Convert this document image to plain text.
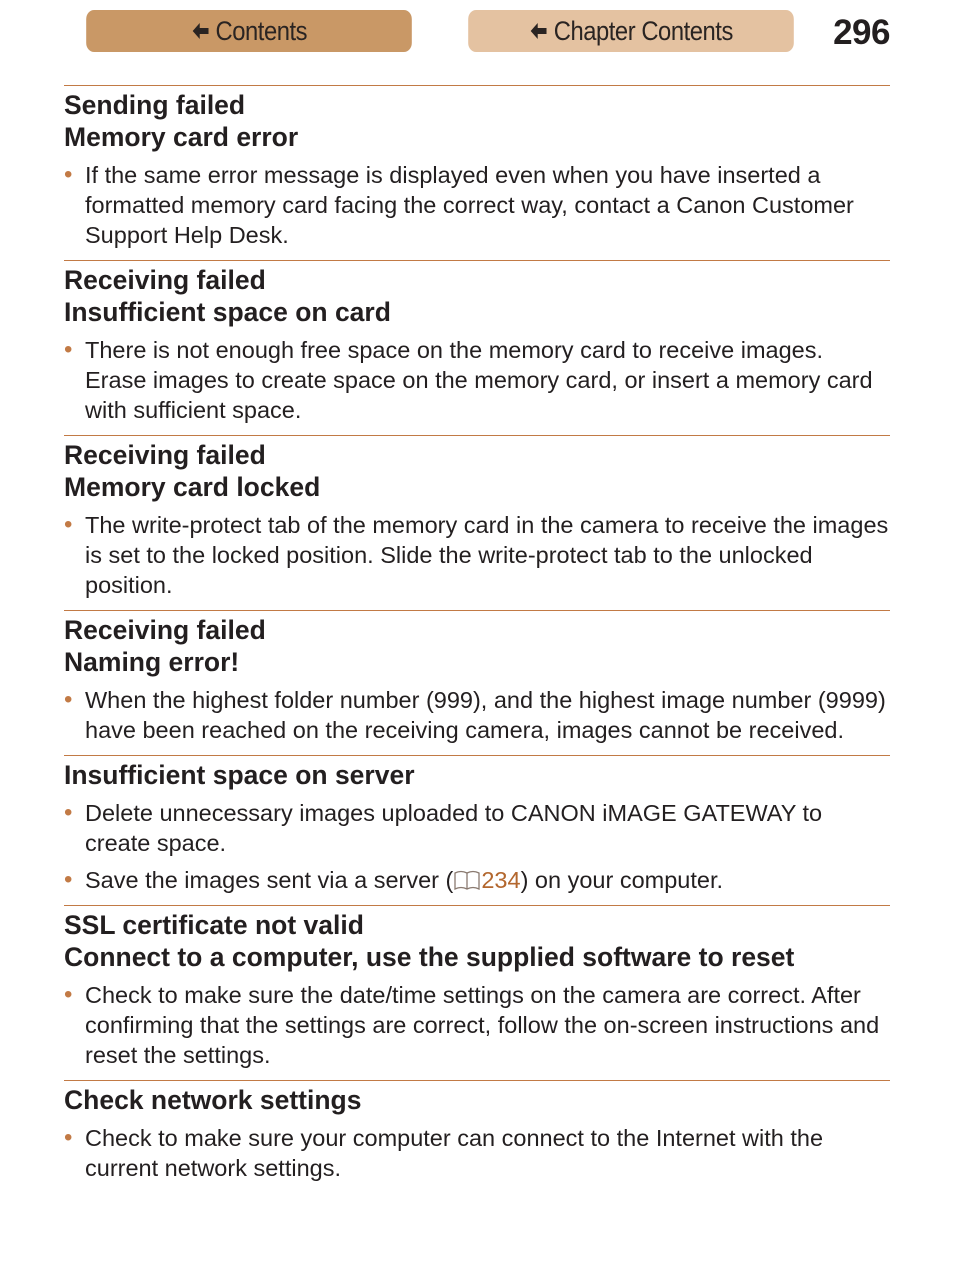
Contents	Chapter Contents	296
Sending failed
Memory card error
• If the same error message is displayed even when you have inserted a formatted memory card facing the correct way, contact a Canon Customer Support Help Desk.
Receiving failed
Insufficient space on card
• There is not enough free space on the memory card to receive images. Erase images to create space on the memory card, or insert a memory card with sufficient space.
Receiving failed
Memory card locked
• The write-protect tab of the memory card in the camera to receive the images is set to the locked position. Slide the write-protect tab to the unlocked position.
Receiving failed
Naming error!
• When the highest folder number (999), and the highest image number (9999) have been reached on the receiving camera, images cannot be received.
Insufficient space on server
• Delete unnecessary images uploaded to CANON iMAGE GATEWAY to create space.
• Save the images sent via a server ( 234) on your computer.
SSL certificate not valid
Connect to a computer, use the supplied software to reset
• Check to make sure the date/time settings on the camera are correct. After confirming that the settings are correct, follow the on-screen instructions and reset the settings.
Check network settings
• Check to make sure your computer can connect to the Internet with the current network settings.
